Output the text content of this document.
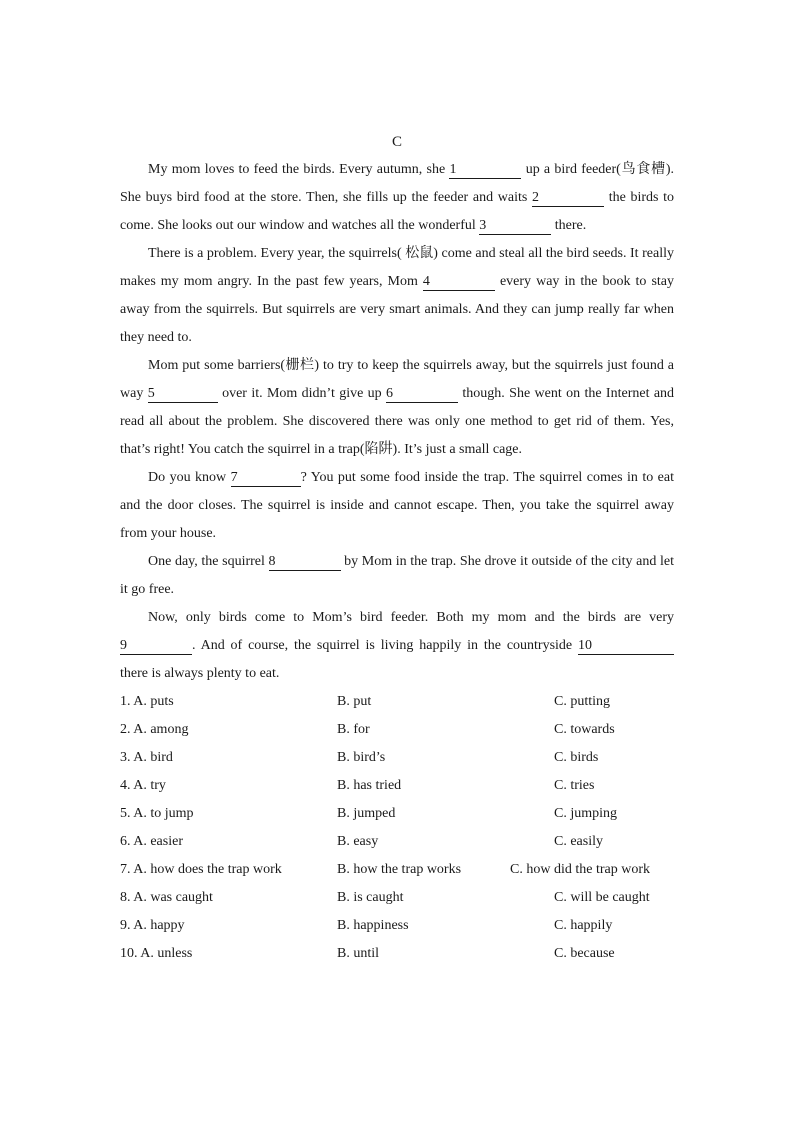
C

My mom loves to feed the birds. Every autumn, she 1	up a bird feeder(鸟食槽). She buys bird food at the store. Then, she fills up the feeder and waits 2	the birds to come. She looks out our window and watches all the wonderful 3	there.

There is a problem. Every year, the squirrels( 松鼠) come and steal all the bird seeds. It really makes my mom angry. In the past few years, Mom 4	every way in the book to stay away from the squirrels. But squirrels are very smart animals. And they can jump really far when they need to.

Mom put some barriers(栅栏) to try to keep the squirrels away, but the squirrels just found a way 5	over it. Mom didn’t give up 6	though. She went on the Internet and read all about the problem. She discovered there was only one method to get rid of them. Yes, that’s right! You catch the squirrel in a trap(陷阱). It’s just a small cage.

Do you know 7	? You put some food inside the trap. The squirrel comes in to eat and the door closes. The squirrel is inside and cannot escape. Then, you take the squirrel away from your house.

One day, the squirrel 8	by Mom in the trap. She drove it outside of the city and let it go free.

Now, only birds come to Mom’s bird feeder. Both my mom and the birds are very 9	. And of course, the squirrel is living happily in the countryside 10 there is always plenty to eat.

1. A. puts	B. put	C. putting
2. A. among	B. for	C. towards
3. A. bird	B. bird’s	C. birds
4. A. try	B. has tried	C. tries
5. A. to jump	B. jumped	C. jumping
6. A. easier	B. easy	C. easily
7. A. how does the trap work	B. how the trap works	C. how did the trap work
8. A. was caught	B. is caught	C. will be caught
9. A. happy	B. happiness	C. happily
10. A. unless	B. until	C. because
